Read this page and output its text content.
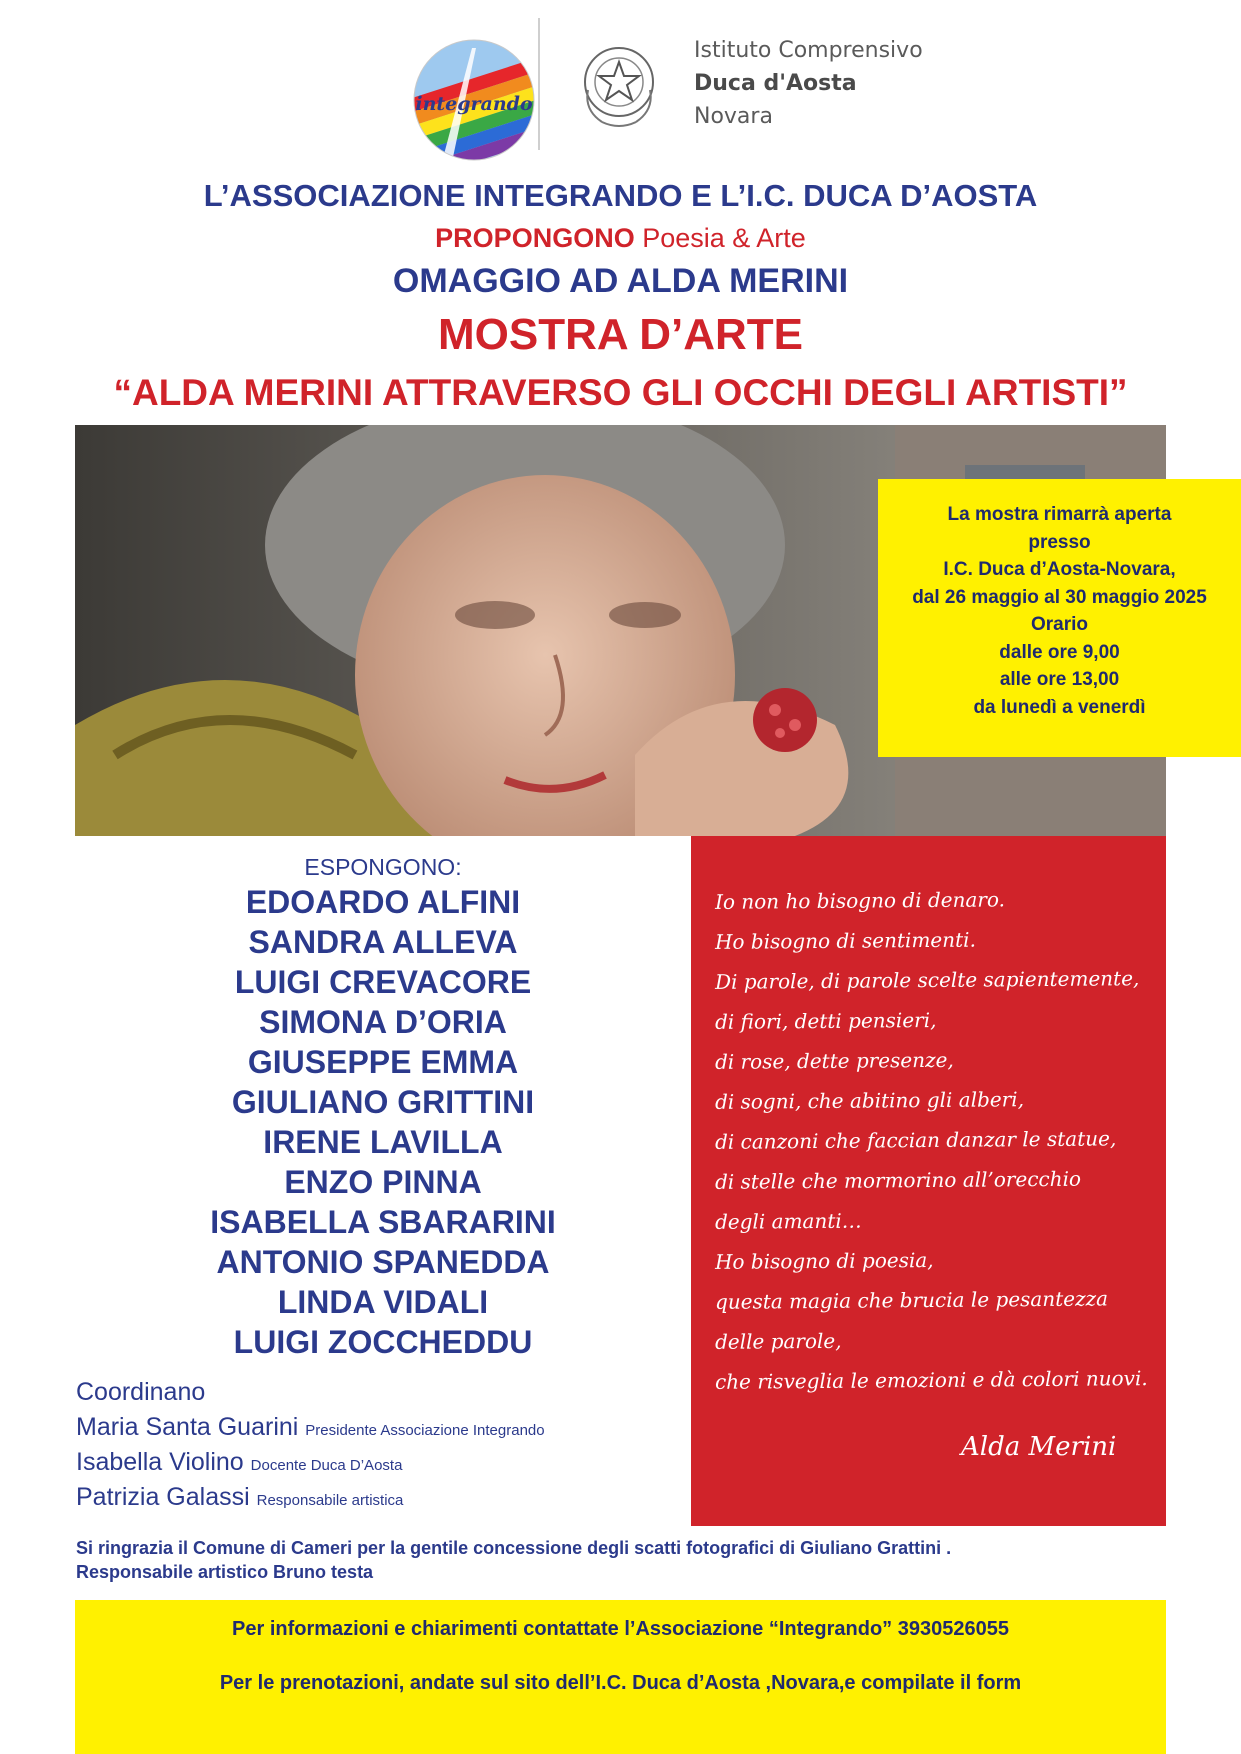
integrando
Istituto Comprensivo
Duca d'Aosta
Novara
L’ASSOCIAZIONE INTEGRANDO E L’I.C. DUCA D’AOSTA
PROPONGONO Poesia & Arte
OMAGGIO AD ALDA MERINI
MOSTRA D’ARTE
“ALDA MERINI ATTRAVERSO GLI OCCHI DEGLI ARTISTI”
La mostra rimarrà aperta
presso
I.C. Duca d’Aosta-Novara,
dal 26 maggio al 30 maggio 2025
Orario
dalle ore 9,00
alle ore 13,00
da lunedì a venerdì
ESPONGONO:
EDOARDO ALFINI
SANDRA ALLEVA
LUIGI CREVACORE
SIMONA D’ORIA
GIUSEPPE EMMA
GIULIANO GRITTINI
IRENE LAVILLA
ENZO PINNA
ISABELLA SBARARINI
ANTONIO SPANEDDA
LINDA VIDALI
LUIGI ZOCCHEDDU
Io non ho bisogno di denaro.
Ho bisogno di sentimenti.
Di parole, di parole scelte sapientemente,
di fiori, detti pensieri,
di rose, dette presenze,
di sogni, che abitino gli alberi,
di canzoni che faccian danzar le statue,
di stelle che mormorino all’orecchio
degli amanti…
Ho bisogno di poesia,
questa magia che brucia le pesantezza
delle parole,
che risveglia le emozioni e dà colori nuovi.
Alda Merini
Coordinano
Maria Santa Guarini Presidente Associazione Integrando
Isabella Violino Docente Duca D’Aosta
Patrizia Galassi Responsabile artistica
Si ringrazia il Comune di Cameri per la gentile concessione degli scatti fotografici di Giuliano Grattini .
Responsabile artistico Bruno testa
Per informazioni e chiarimenti contattate l’Associazione “Integrando” 3930526055
Per le prenotazioni, andate sul sito dell’I.C. Duca d’Aosta ,Novara,e compilate il form
